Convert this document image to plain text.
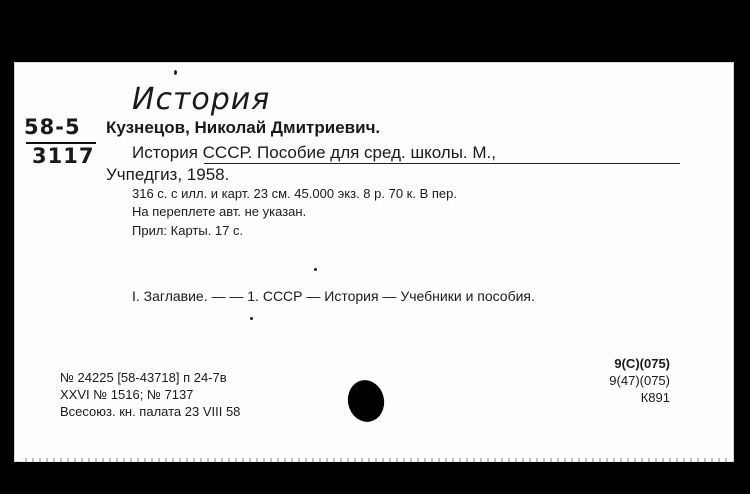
История
58-5
3117
Кузнецов, Николай Дмитриевич.
История СССР. Пособие для сред. школы. М.,
Учпедгиз, 1958.
316 с. с илл. и карт. 23 см. 45.000 экз. 8 р. 70 к. В пер.
На переплете авт. не указан.
Прил: Карты. 17 с.
I. Заглавие. — — 1. СССР — История — Учебники и пособия.
№ 24225 [58-43718] п 24-7в
XXVI № 1516; № 7137
Всесоюз. кн. палата 23 VIII 58
9(С)(075)
9(47)(075)
К891
